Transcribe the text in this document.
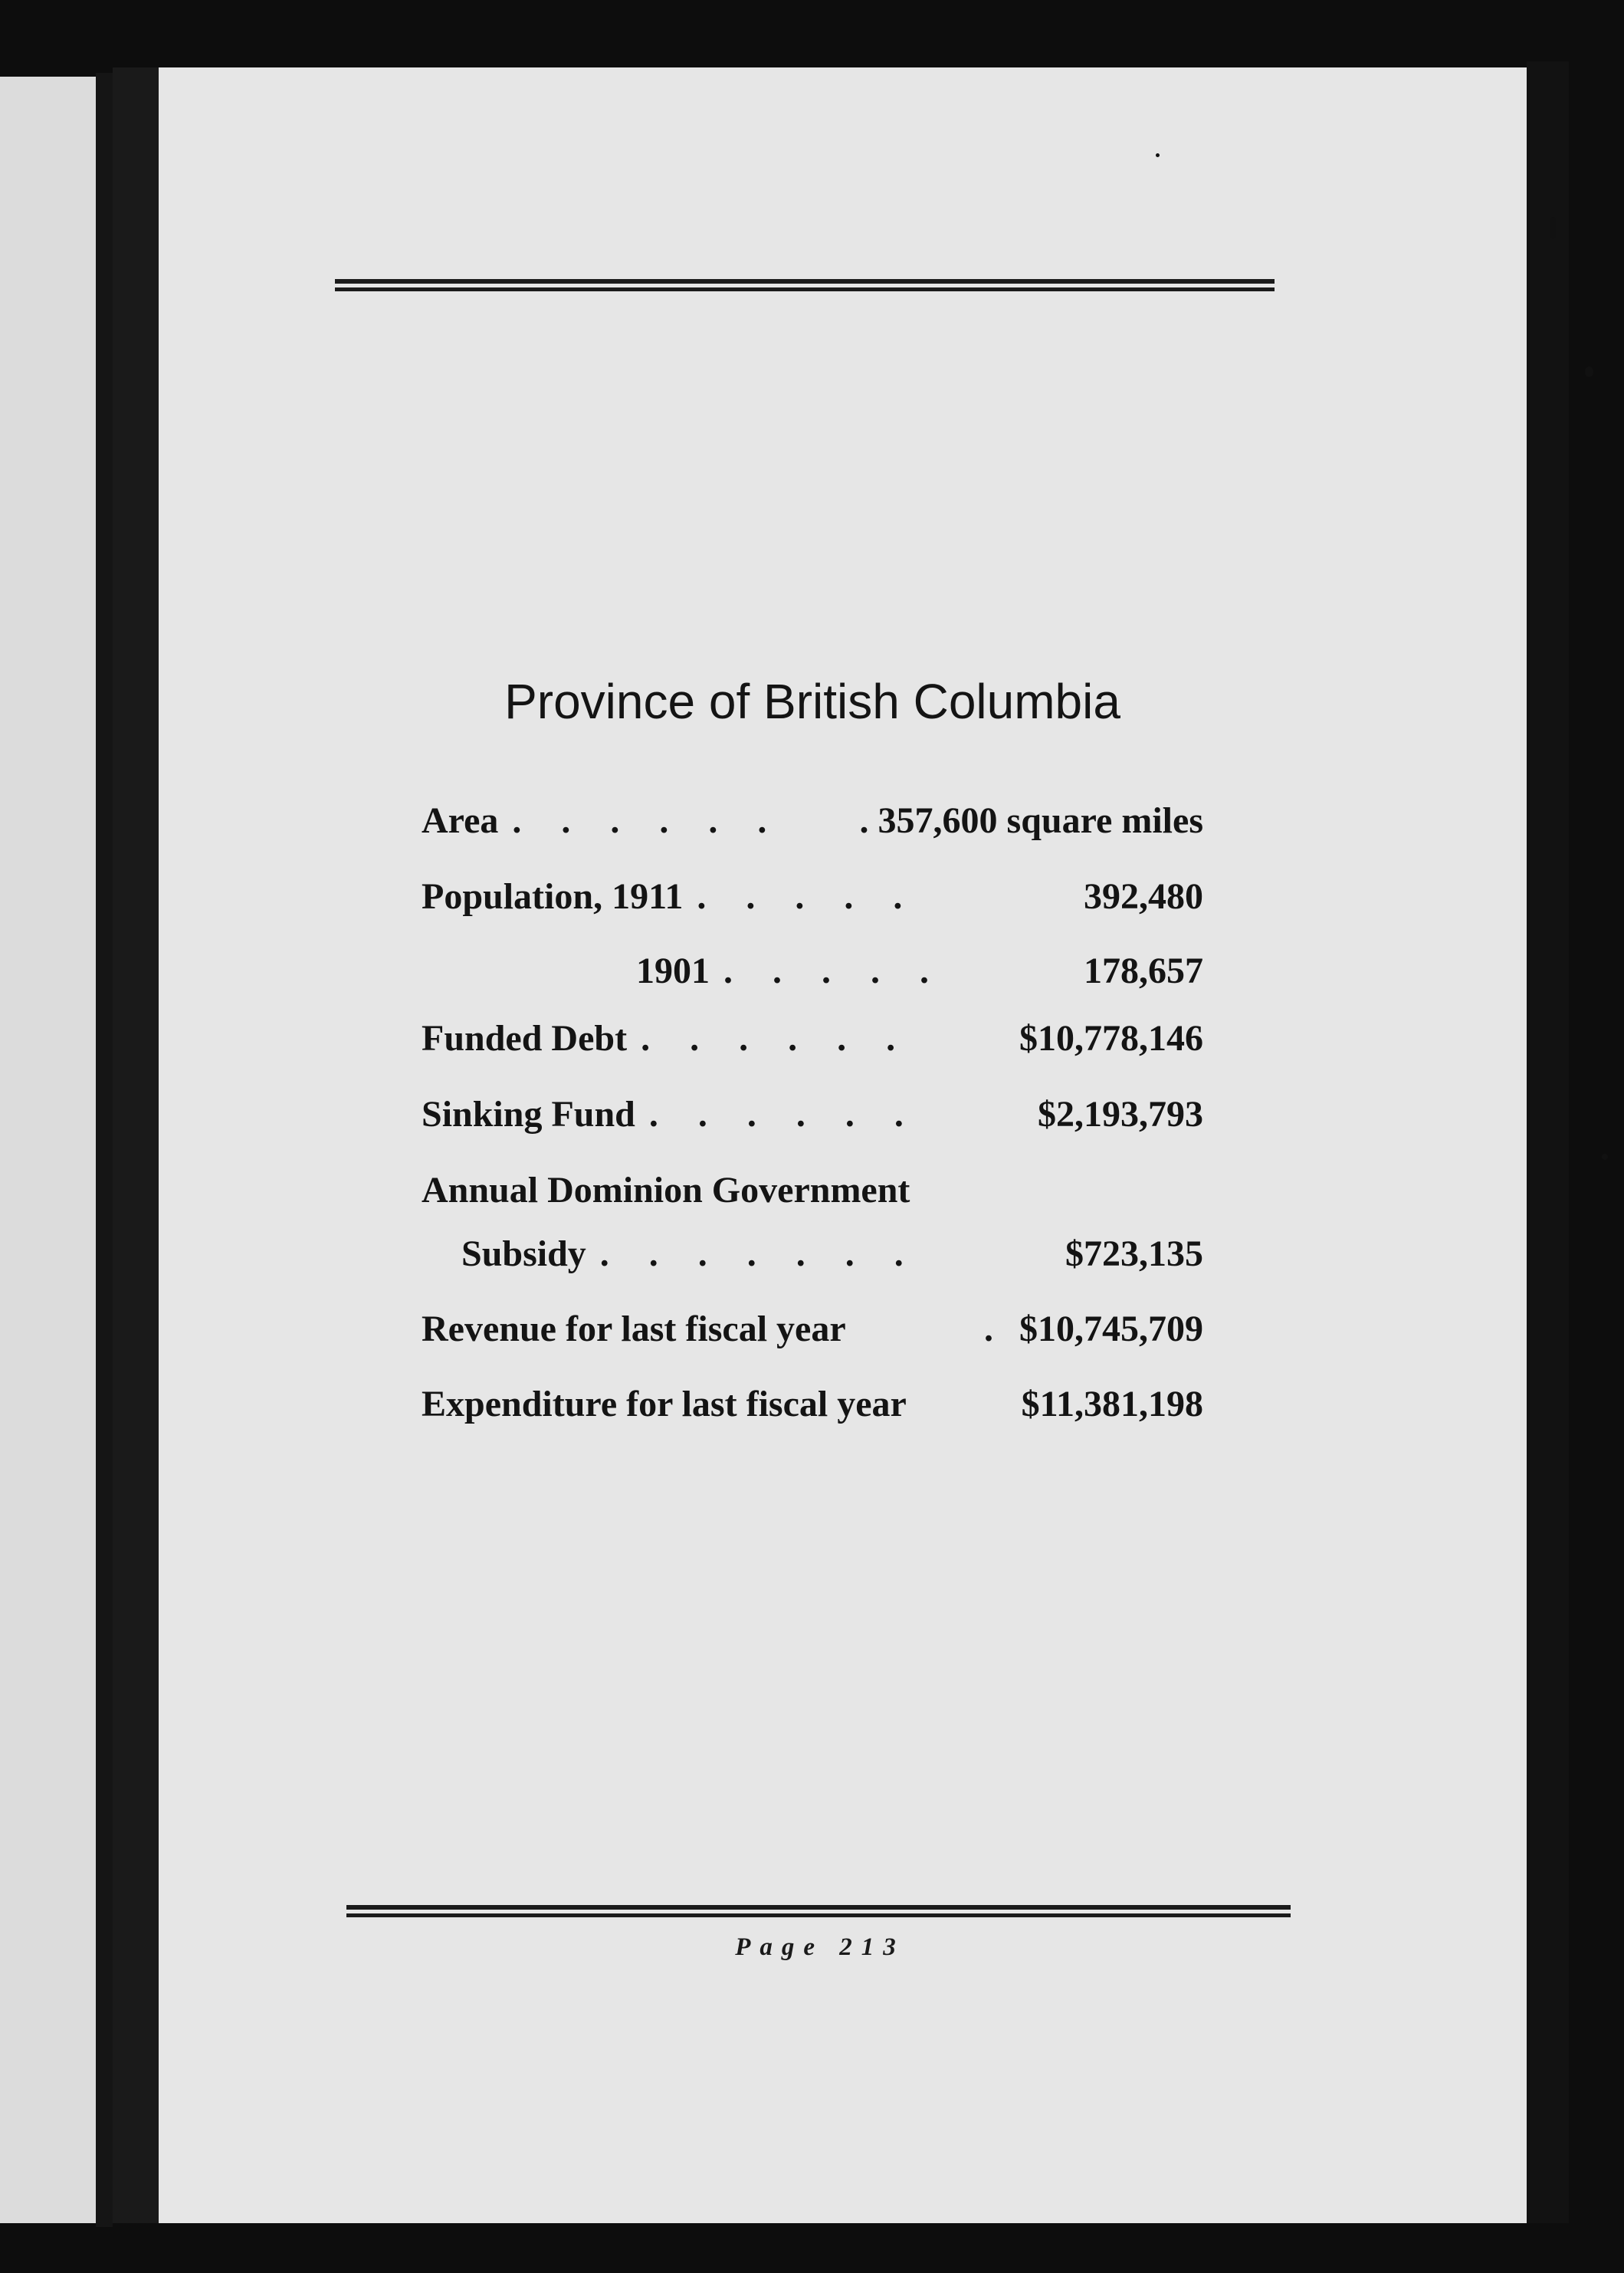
Province of British Columbia
Area . . . . . .	. 357,600 square miles
Population, 1911 . . . . .	392,480
1901 . . . . .	178,657
Funded Debt . . . . . .	$10,778,146
Sinking Fund . . . . . .	$2,193,793
Annual Dominion Government
Subsidy . . . . . . .	$723,135
Revenue for last fiscal year	. $10,745,709
Expenditure for last fiscal year	$11,381,198
Page 213
